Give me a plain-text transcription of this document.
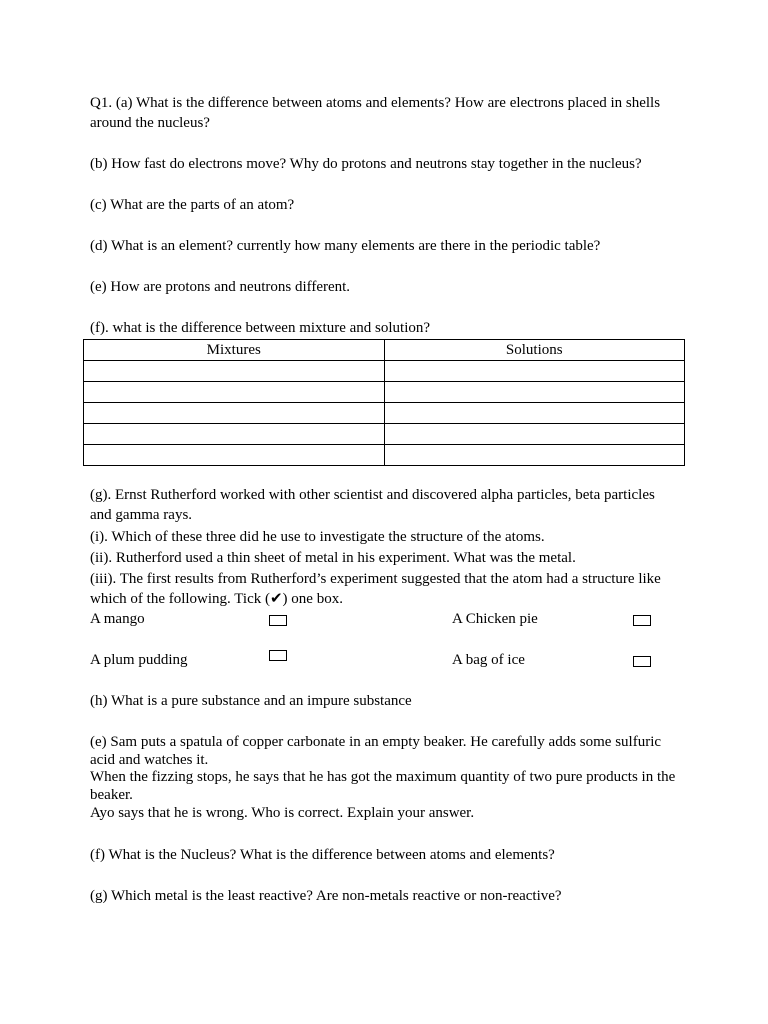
Q1. (a) What is the difference between atoms and elements? How are electrons placed in shells around the nucleus?

(b) How fast do electrons move? Why do protons and neutrons stay together in the nucleus?

(c) What are the parts of an atom?

(d) What is an element? currently how many elements are there in the periodic table?

(e) How are protons and neutrons different.

(f). what is the difference between mixture and solution?

Mixtures	Solutions

(g). Ernst Rutherford worked with other scientist and discovered alpha particles, beta particles and gamma rays.

(i). Which of these three did he use to investigate the structure of the atoms.

(ii). Rutherford used a thin sheet of metal in his experiment. What was the metal.

(iii). The first results from Rutherford’s experiment suggested that the atom had a structure like which of the following. Tick (✔) one box.

A mango	A Chicken pie
A plum pudding	A bag of ice

(h) What is a pure substance and an impure substance

(e) Sam puts a spatula of copper carbonate in an empty beaker. He carefully adds some sulfuric acid and watches it.

When the fizzing stops, he says that he has got the maximum quantity of two pure products in the beaker.

Ayo says that he is wrong. Who is correct. Explain your answer.

(f) What is the Nucleus? What is the difference between atoms and elements?

(g) Which metal is the least reactive? Are non-metals reactive or non-reactive?
